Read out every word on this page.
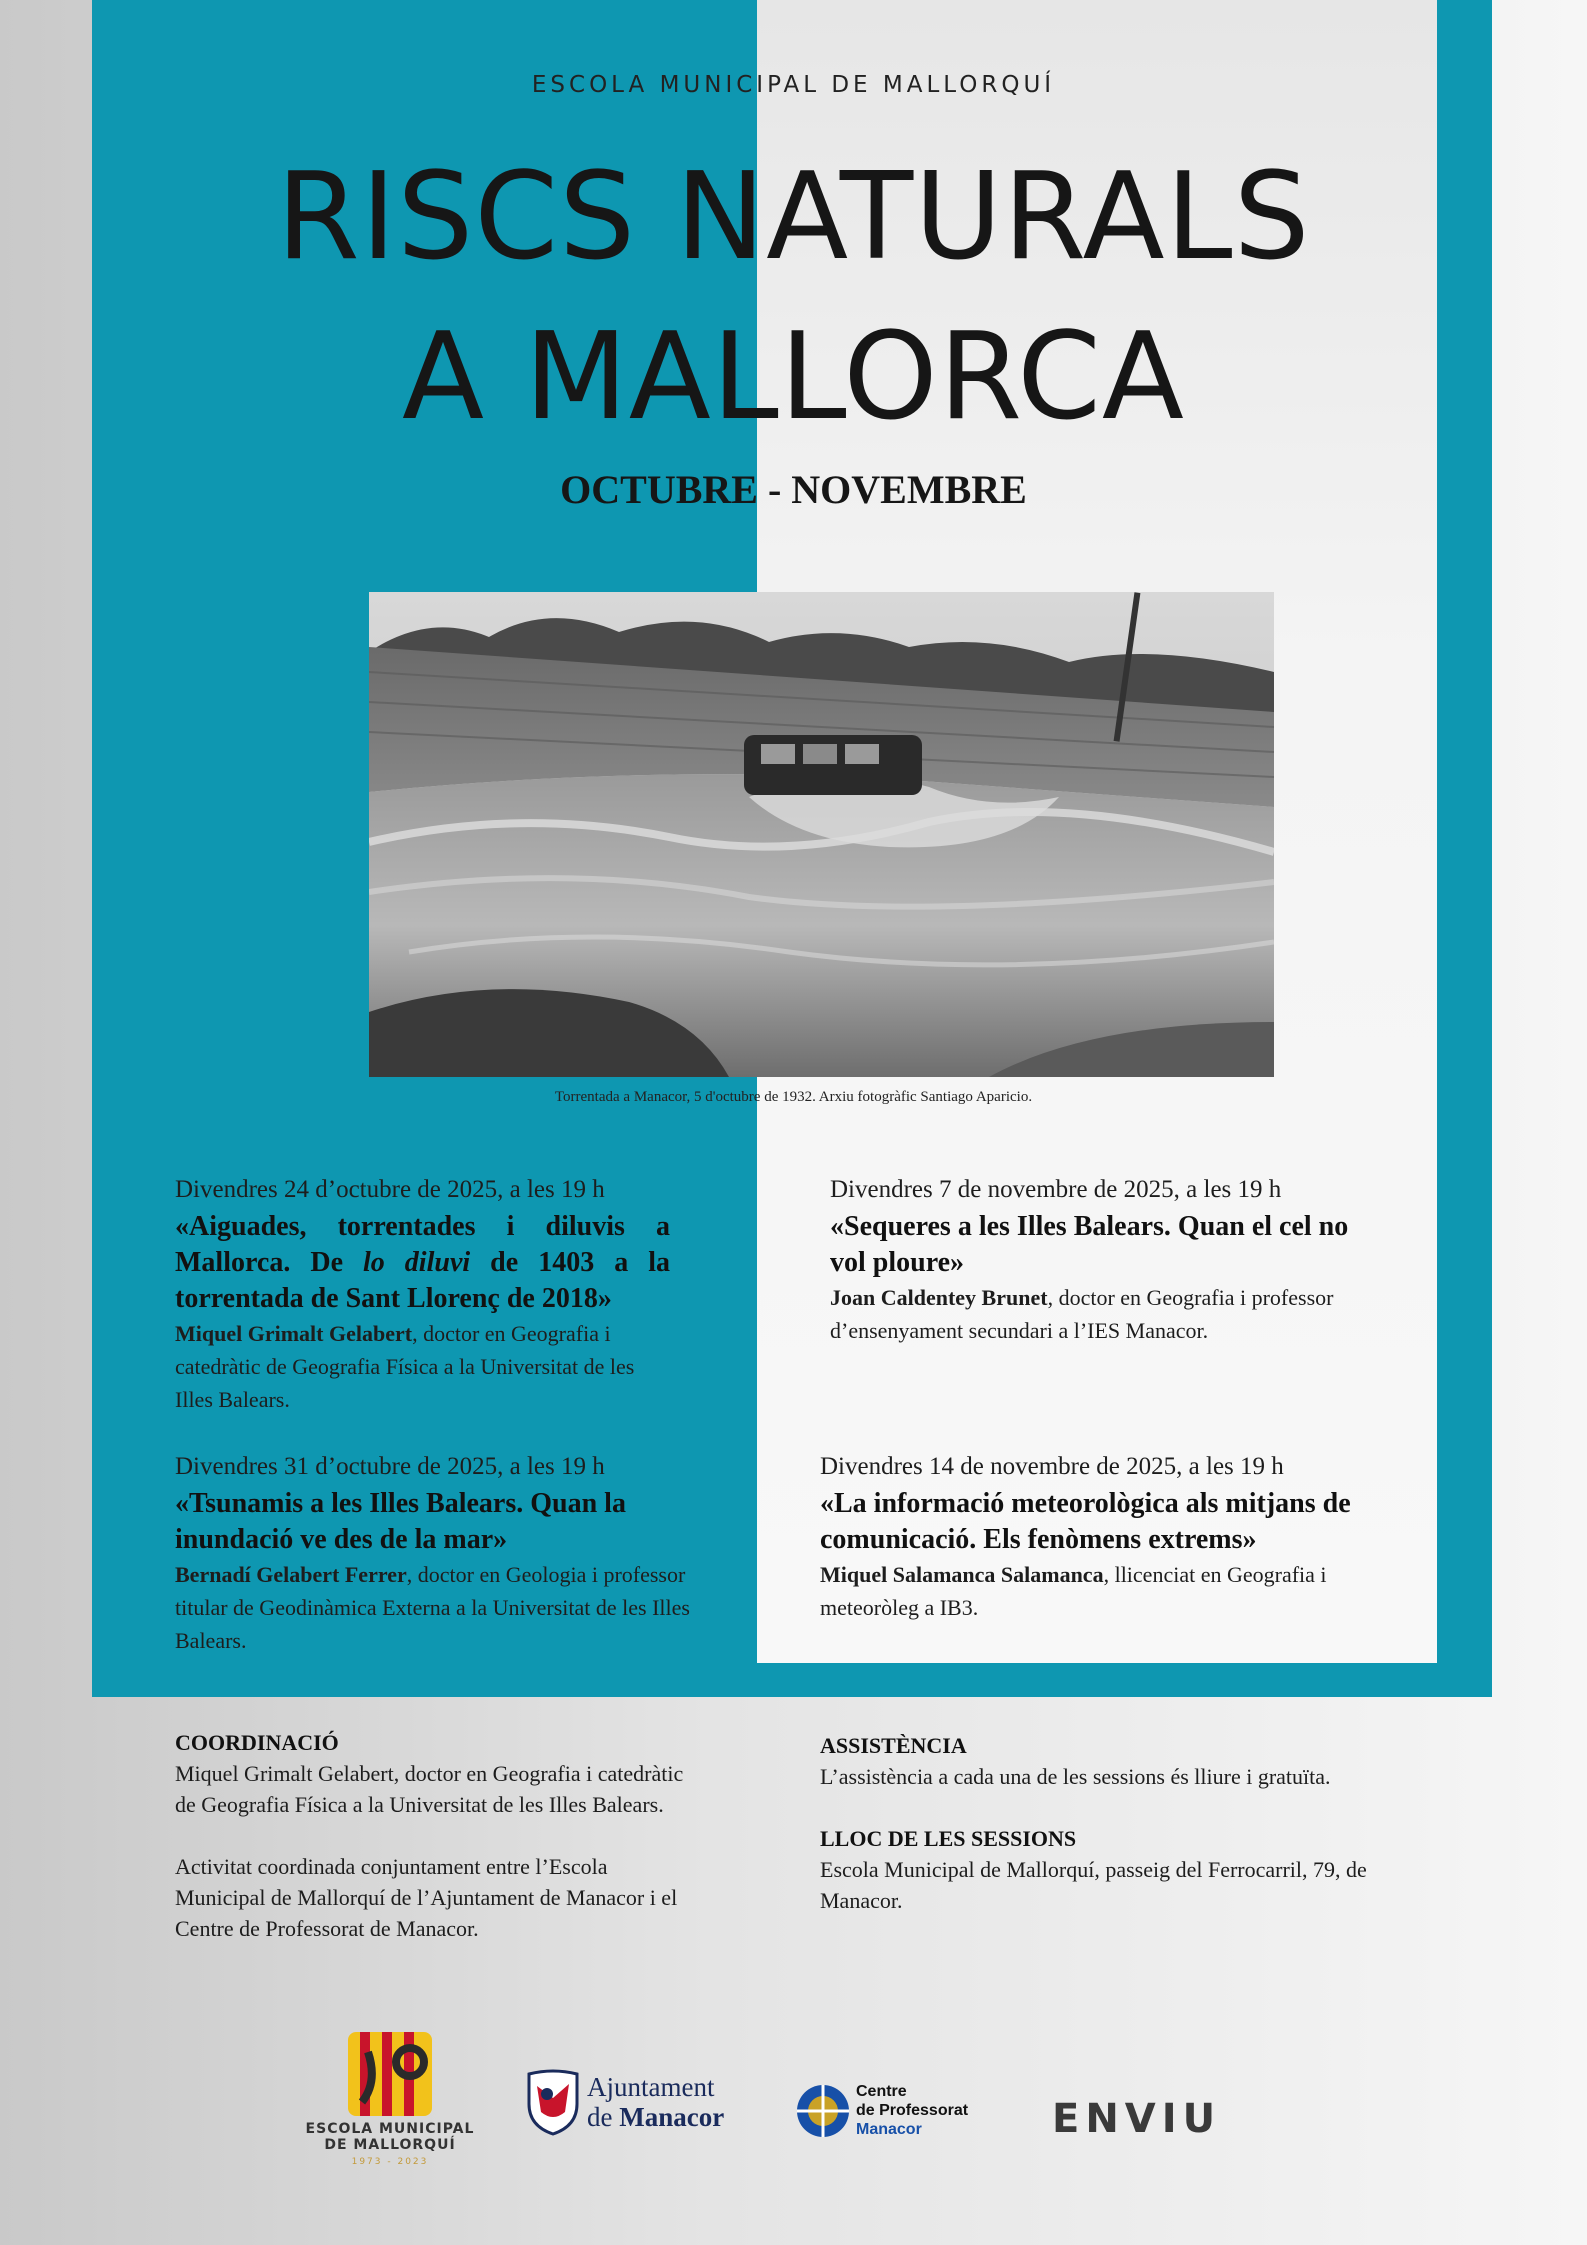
ESCOLA MUNICIPAL DE MALLORQUÍ
RISCS NATURALS
A MALLORCA
OCTUBRE - NOVEMBRE
Torrentada a Manacor, 5 d'octubre de 1932. Arxiu fotogràfic Santiago Aparicio.
Divendres 24 d’octubre de 2025, a les 19 h
«Aiguades, torrentades i diluvis a Mallorca. De lo diluvi de 1403 a la torrentada de Sant Llorenç de 2018»
Miquel Grimalt Gelabert, doctor en Geografia i catedràtic de Geografia Física a la Universitat de les Illes Balears.
Divendres 7 de novembre de 2025, a les 19 h
«Sequeres a les Illes Balears. Quan el cel no vol ploure»
Joan Caldentey Brunet, doctor en Geografia i professor d’ensenyament secundari a l’IES Manacor.
Divendres 31 d’octubre de 2025, a les 19 h
«Tsunamis a les Illes Balears. Quan la inundació ve des de la mar»
Bernadí Gelabert Ferrer, doctor en Geologia i professor titular de Geodinàmica Externa a la Universitat de les Illes Balears.
Divendres 14 de novembre de 2025, a les 19 h
«La informació meteorològica als mitjans de comunicació. Els fenòmens extrems»
Miquel Salamanca Salamanca, llicenciat en Geografia i meteoròleg a IB3.
COORDINACIÓ
Miquel Grimalt Gelabert, doctor en Geografia i catedràtic de Geografia Física a la Universitat de les Illes Balears.
Activitat coordinada conjuntament entre l’Escola Municipal de Mallorquí de l’Ajuntament de Manacor i el Centre de Professorat de Manacor.
ASSISTÈNCIA
L’assistència a cada una de les sessions és lliure i gratuïta.
LLOC DE LES SESSIONS
Escola Municipal de Mallorquí, passeig del Ferrocarril, 79, de Manacor.
ESCOLA MUNICIPAL
DE MALLORQUÍ
1973 - 2023
Ajuntament
de Manacor
Centre
de Professorat
Manacor	ENVIU
